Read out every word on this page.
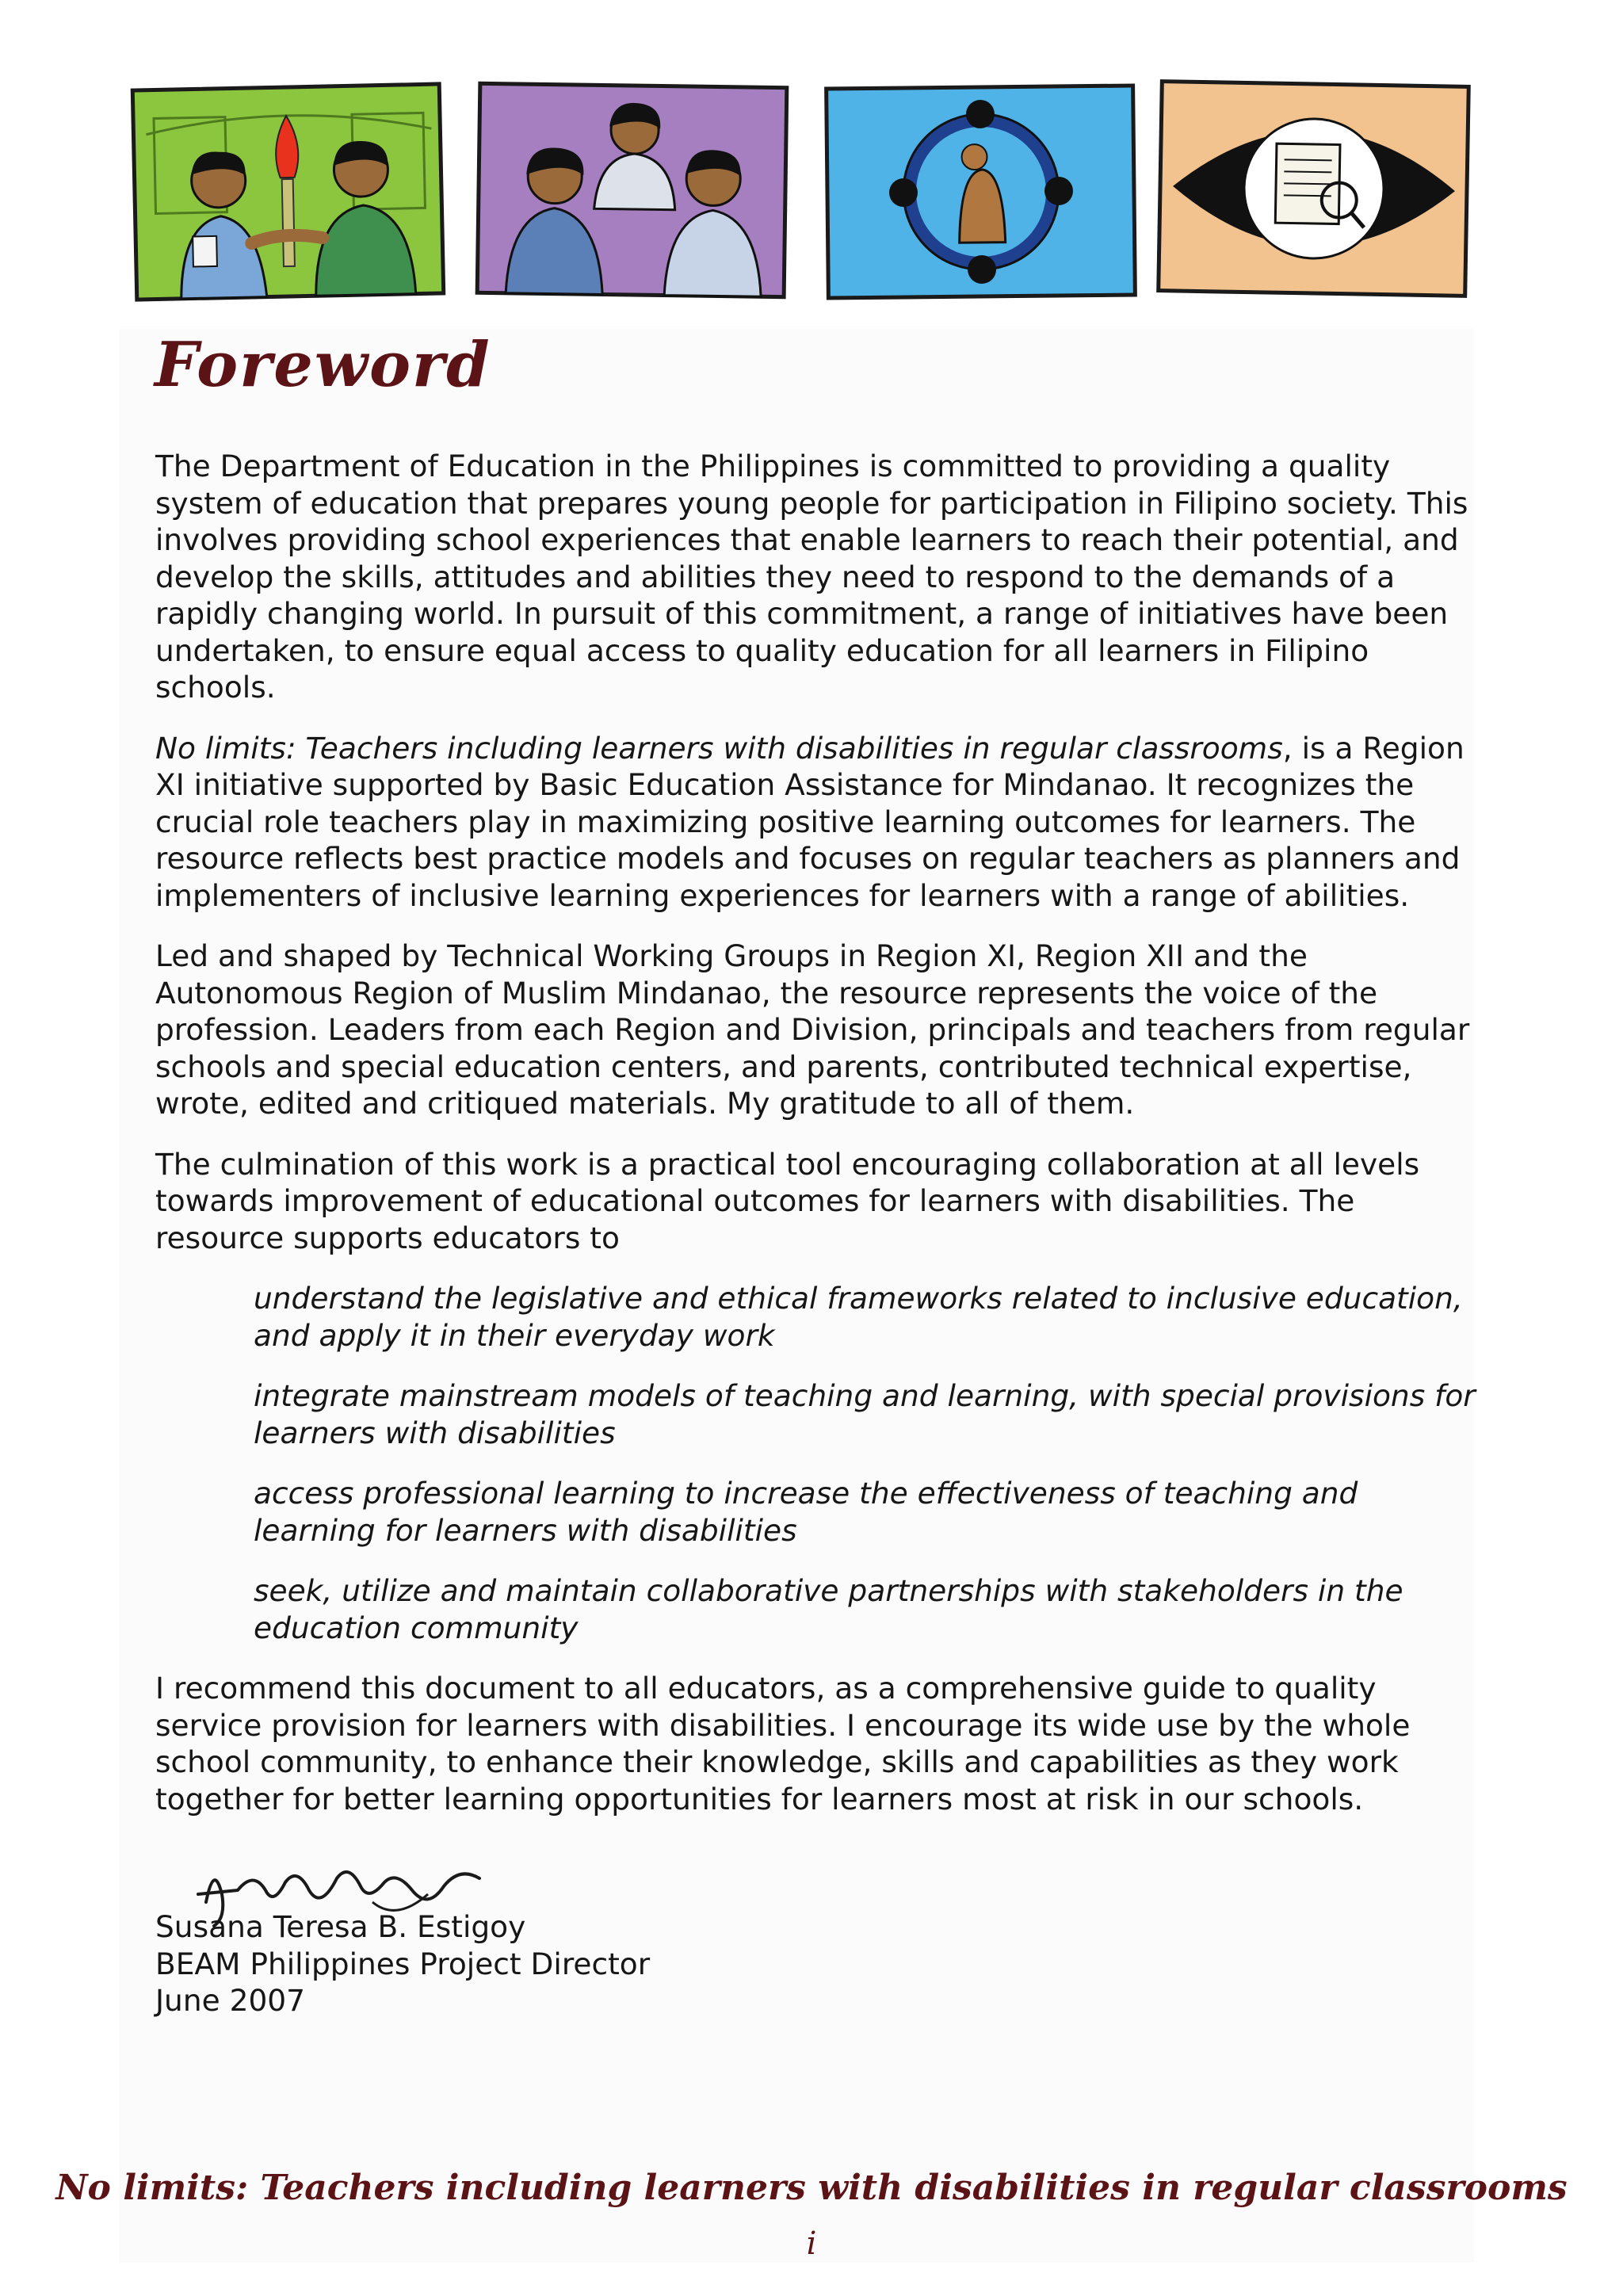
Foreword

The Department of Education in the Philippines is committed to providing a quality system of education that prepares young people for participation in Filipino society. This involves providing school experiences that enable learners to reach their potential, and develop the skills, attitudes and abilities they need to respond to the demands of a rapidly changing world. In pursuit of this commitment, a range of initiatives have been undertaken, to ensure equal access to quality education for all learners in Filipino schools.

No limits: Teachers including learners with disabilities in regular classrooms, is a Region XI initiative supported by Basic Education Assistance for Mindanao. It recognizes the crucial role teachers play in maximizing positive learning outcomes for learners. The resource reflects best practice models and focuses on regular teachers as planners and implementers of inclusive learning experiences for learners with a range of abilities.

Led and shaped by Technical Working Groups in Region XI, Region XII and the Autonomous Region of Muslim Mindanao, the resource represents the voice of the profession. Leaders from each Region and Division, principals and teachers from regular schools and special education centers, and parents, contributed technical expertise, wrote, edited and critiqued materials. My gratitude to all of them.

The culmination of this work is a practical tool encouraging collaboration at all levels towards improvement of educational outcomes for learners with disabilities. The resource supports educators to

understand the legislative and ethical frameworks related to inclusive education, and apply it in their everyday work
integrate mainstream models of teaching and learning, with special provisions for learners with disabilities
access professional learning to increase the effectiveness of teaching and learning for learners with disabilities
seek, utilize and maintain collaborative partnerships with stakeholders in the education community

I recommend this document to all educators, as a comprehensive guide to quality service provision for learners with disabilities. I encourage its wide use by the whole school community, to enhance their knowledge, skills and capabilities as they work together for better learning opportunities for learners most at risk in our schools.

Susana Teresa B. Estigoy
BEAM Philippines Project Director
June 2007
No limits: Teachers including learners with disabilities in regular classrooms
i
